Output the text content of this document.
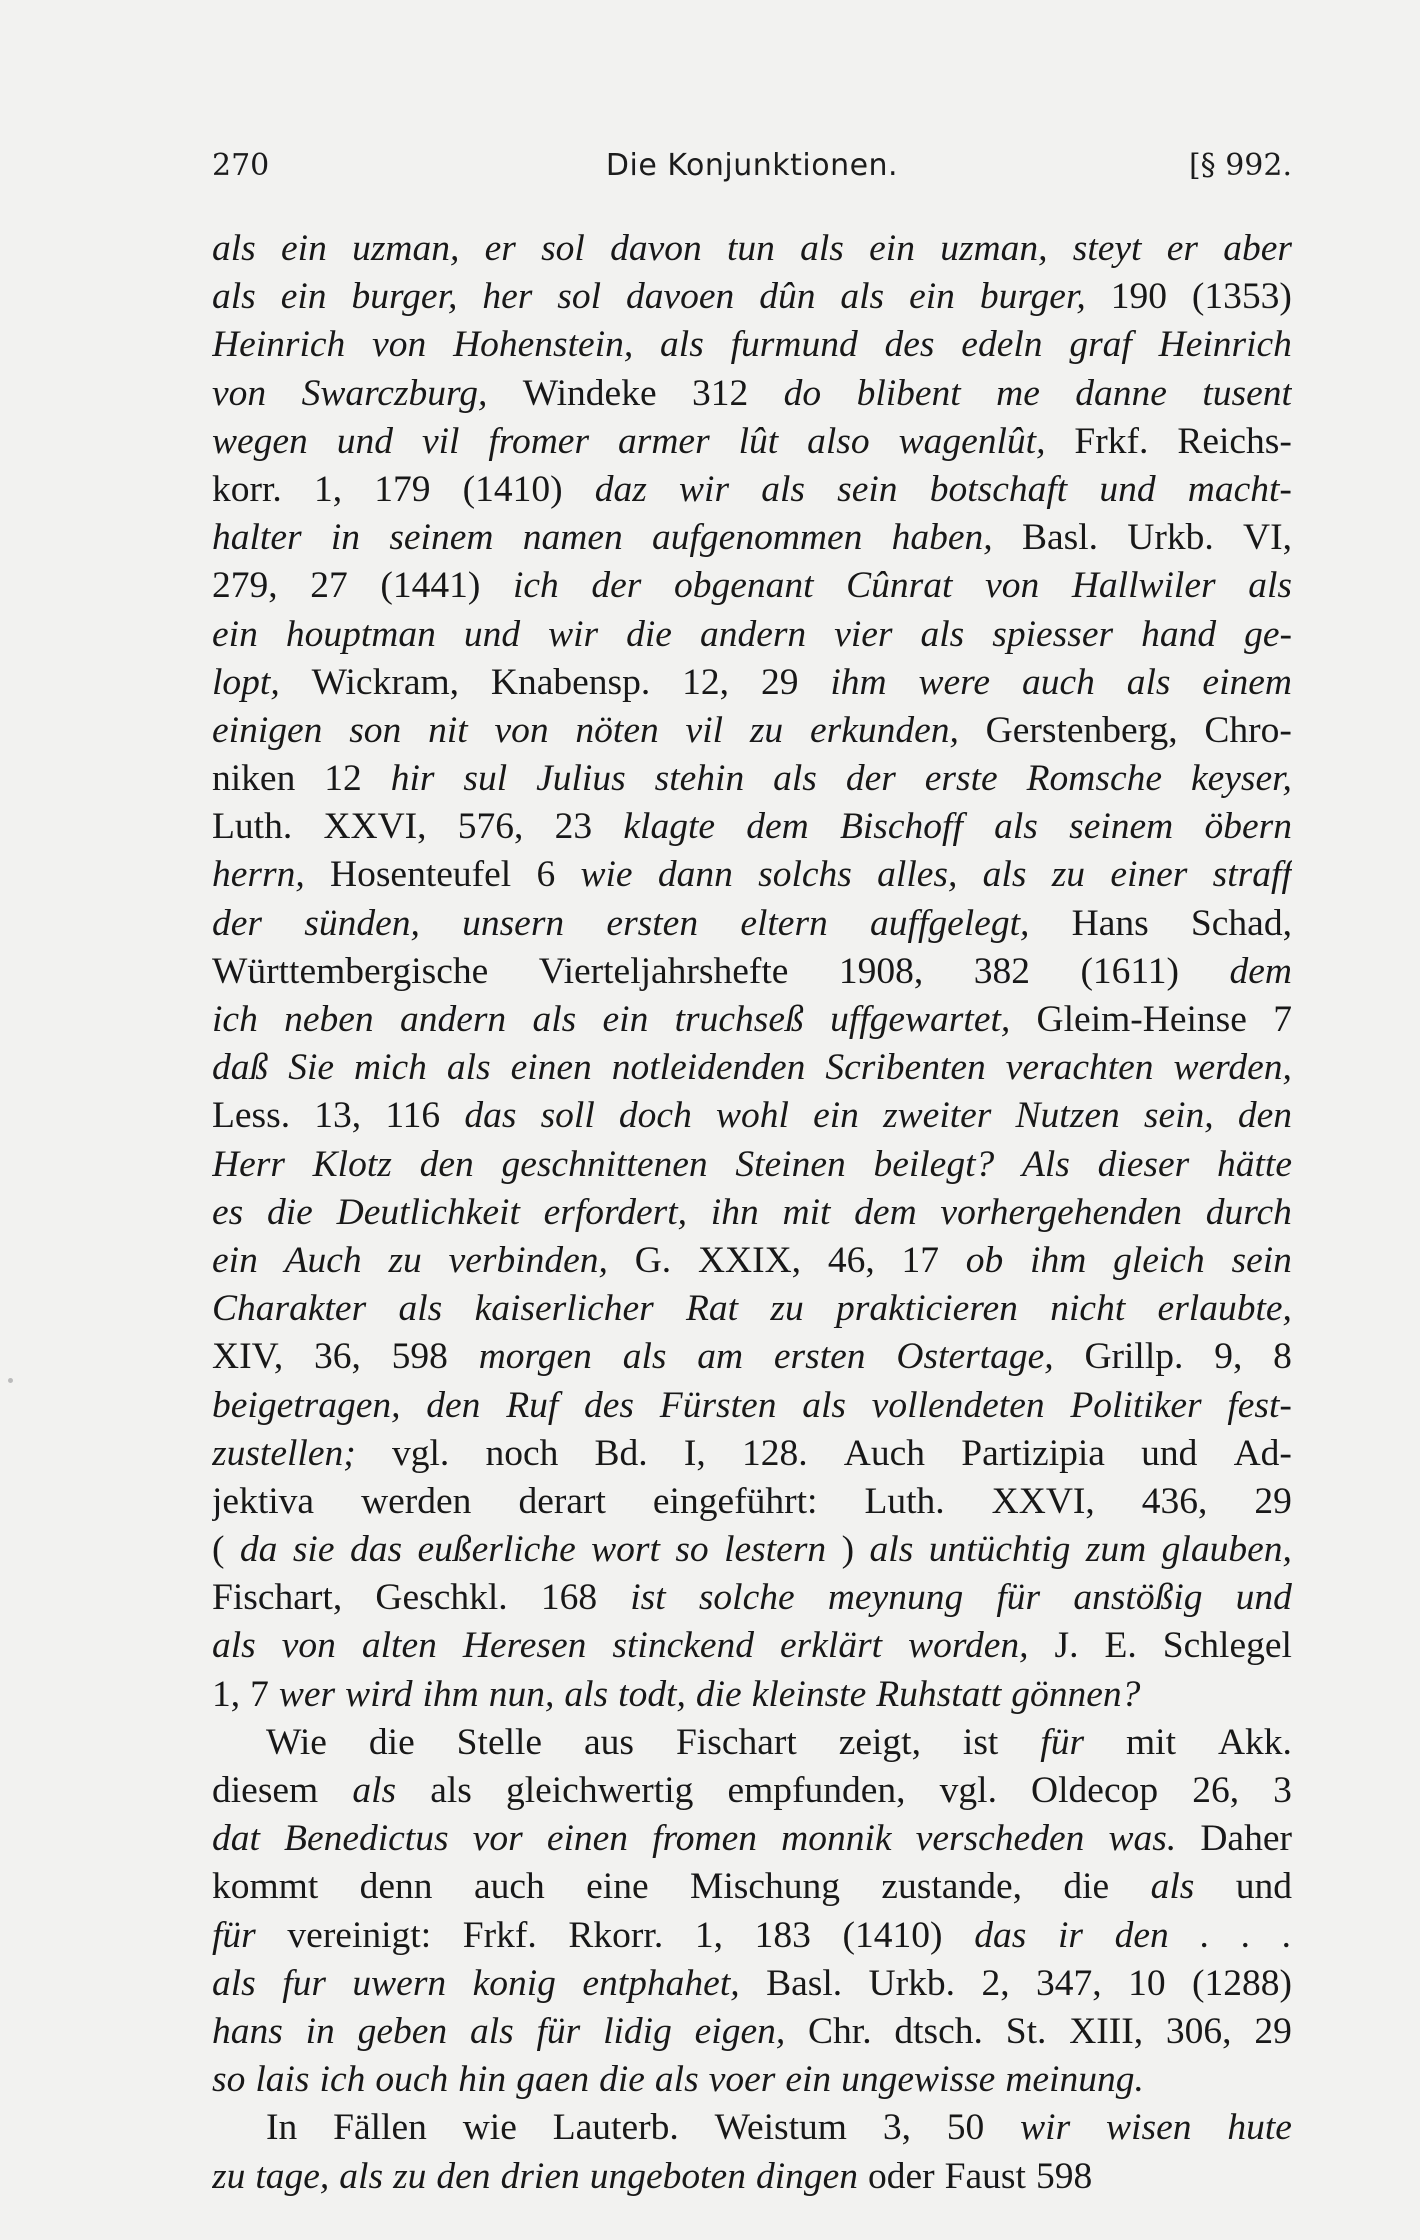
270	Die Konjunktionen.	[§ 992.
als ein uzman, er sol davon tun als ein uzman, steyt er aber
als ein burger, her sol davoen dûn als ein burger, 190 (1353)
Heinrich von Hohenstein, als furmund des edeln graf Heinrich
von Swarczburg, Windeke 312 do blibent me danne tusent
wegen und vil fromer armer lût also wagenlût, Frkf. Reichs-
korr. 1, 179 (1410) daz wir als sein botschaft und macht-
halter in seinem namen aufgenommen haben, Basl. Urkb. VI,
279, 27 (1441) ich der obgenant Cûnrat von Hallwiler als
ein houptman und wir die andern vier als spiesser hand ge-
lopt, Wickram, Knabensp. 12, 29 ihm were auch als einem
einigen son nit von nöten vil zu erkunden, Gerstenberg, Chro-
niken 12 hir sul Julius stehin als der erste Romsche keyser,
Luth. XXVI, 576, 23 klagte dem Bischoff als seinem öbern
herrn, Hosenteufel 6 wie dann solchs alles, als zu einer straff
der sünden, unsern ersten eltern auffgelegt, Hans Schad,
Württembergische Vierteljahrshefte 1908, 382 (1611) dem
ich neben andern als ein truchseß uffgewartet, Gleim-Heinse 7
daß Sie mich als einen notleidenden Scribenten verachten werden,
Less. 13, 116 das soll doch wohl ein zweiter Nutzen sein, den
Herr Klotz den geschnittenen Steinen beilegt? Als dieser hätte
es die Deutlichkeit erfordert, ihn mit dem vorhergehenden durch
ein Auch zu verbinden, G. XXIX, 46, 17 ob ihm gleich sein
Charakter als kaiserlicher Rat zu prakticieren nicht erlaubte,
XIV, 36, 598 morgen als am ersten Ostertage, Grillp. 9, 8
beigetragen, den Ruf des Fürsten als vollendeten Politiker fest-
zustellen; vgl. noch Bd. I, 128. Auch Partizipia und Ad-
jektiva werden derart eingeführt: Luth. XXVI, 436, 29
( da sie das eußerliche wort so lestern ) als untüchtig zum glauben,
Fischart, Geschkl. 168 ist solche meynung für anstößig und
als von alten Heresen stinckend erklärt worden, J. E. Schlegel
1, 7 wer wird ihm nun, als todt, die kleinste Ruhstatt gönnen?
Wie die Stelle aus Fischart zeigt, ist für mit Akk.
diesem als als gleichwertig empfunden, vgl. Oldecop 26, 3
dat Benedictus vor einen fromen monnik verscheden was. Daher
kommt denn auch eine Mischung zustande, die als und
für vereinigt: Frkf. Rkorr. 1, 183 (1410) das ir den . . .
als fur uwern konig entphahet, Basl. Urkb. 2, 347, 10 (1288)
hans in geben als für lidig eigen, Chr. dtsch. St. XIII, 306, 29
so lais ich ouch hin gaen die als voer ein ungewisse meinung.
In Fällen wie Lauterb. Weistum 3, 50 wir wisen hute
zu tage, als zu den drien ungeboten dingen oder Faust 598
